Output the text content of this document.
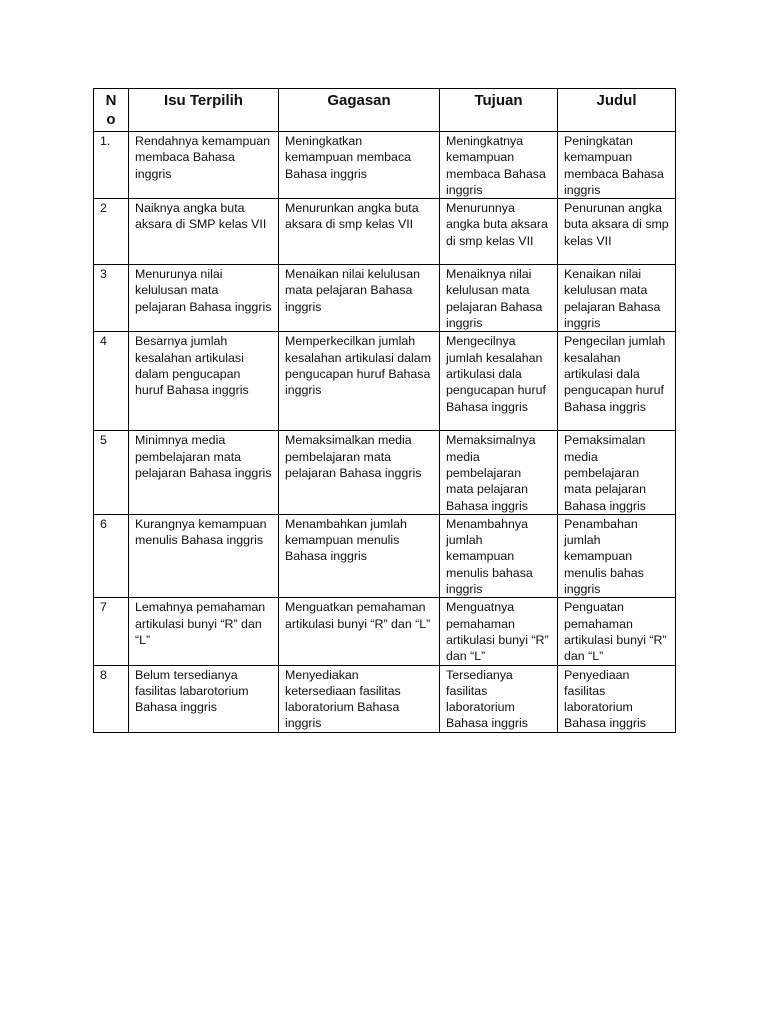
No	Isu Terpilih	Gagasan	Tujuan	Judul
1.	Rendahnya kemampuan membaca Bahasa inggris	Meningkatkan kemampuan membaca Bahasa inggris	Meningkatnya kemampuan membaca Bahasa inggris	Peningkatan kemampuan membaca Bahasa inggris
2	Naiknya angka buta aksara di SMP kelas VII	Menurunkan angka buta aksara di smp kelas VII	Menurunnya angka buta aksara di smp kelas VII	Penurunan angka buta aksara di smp kelas VII
3	Menurunya nilai kelulusan mata pelajaran Bahasa inggris	Menaikan nilai kelulusan mata pelajaran Bahasa inggris	Menaiknya nilai kelulusan mata pelajaran Bahasa inggris	Kenaikan nilai kelulusan mata pelajaran Bahasa inggris
4	Besarnya jumlah kesalahan artikulasi dalam pengucapan huruf Bahasa inggris	Memperkecilkan jumlah kesalahan artikulasi dalam pengucapan huruf Bahasa inggris	Mengecilnya jumlah kesalahan artikulasi dala pengucapan huruf Bahasa inggris	Pengecilan jumlah kesalahan artikulasi dala pengucapan huruf Bahasa inggris
5	Minimnya media pembelajaran mata pelajaran Bahasa inggris	Memaksimalkan media pembelajaran mata pelajaran Bahasa inggris	Memaksimalnya media pembelajaran mata pelajaran Bahasa inggris	Pemaksimalan media pembelajaran mata pelajaran Bahasa inggris
6	Kurangnya kemampuan menulis Bahasa inggris	Menambahkan jumlah kemampuan menulis Bahasa inggris	Menambahnya jumlah kemampuan menulis bahasa inggris	Penambahan jumlah kemampuan menulis bahas inggris
7	Lemahnya pemahaman artikulasi bunyi “R” dan “L”	Menguatkan pemahaman artikulasi bunyi “R” dan “L”	Menguatnya pemahaman artikulasi bunyi “R” dan “L”	Penguatan pemahaman artikulasi bunyi “R” dan “L”
8	Belum tersedianya fasilitas labarotorium Bahasa inggris	Menyediakan ketersediaan fasilitas laboratorium Bahasa inggris	Tersedianya fasilitas laboratorium Bahasa inggris	Penyediaan fasilitas laboratorium Bahasa inggris
